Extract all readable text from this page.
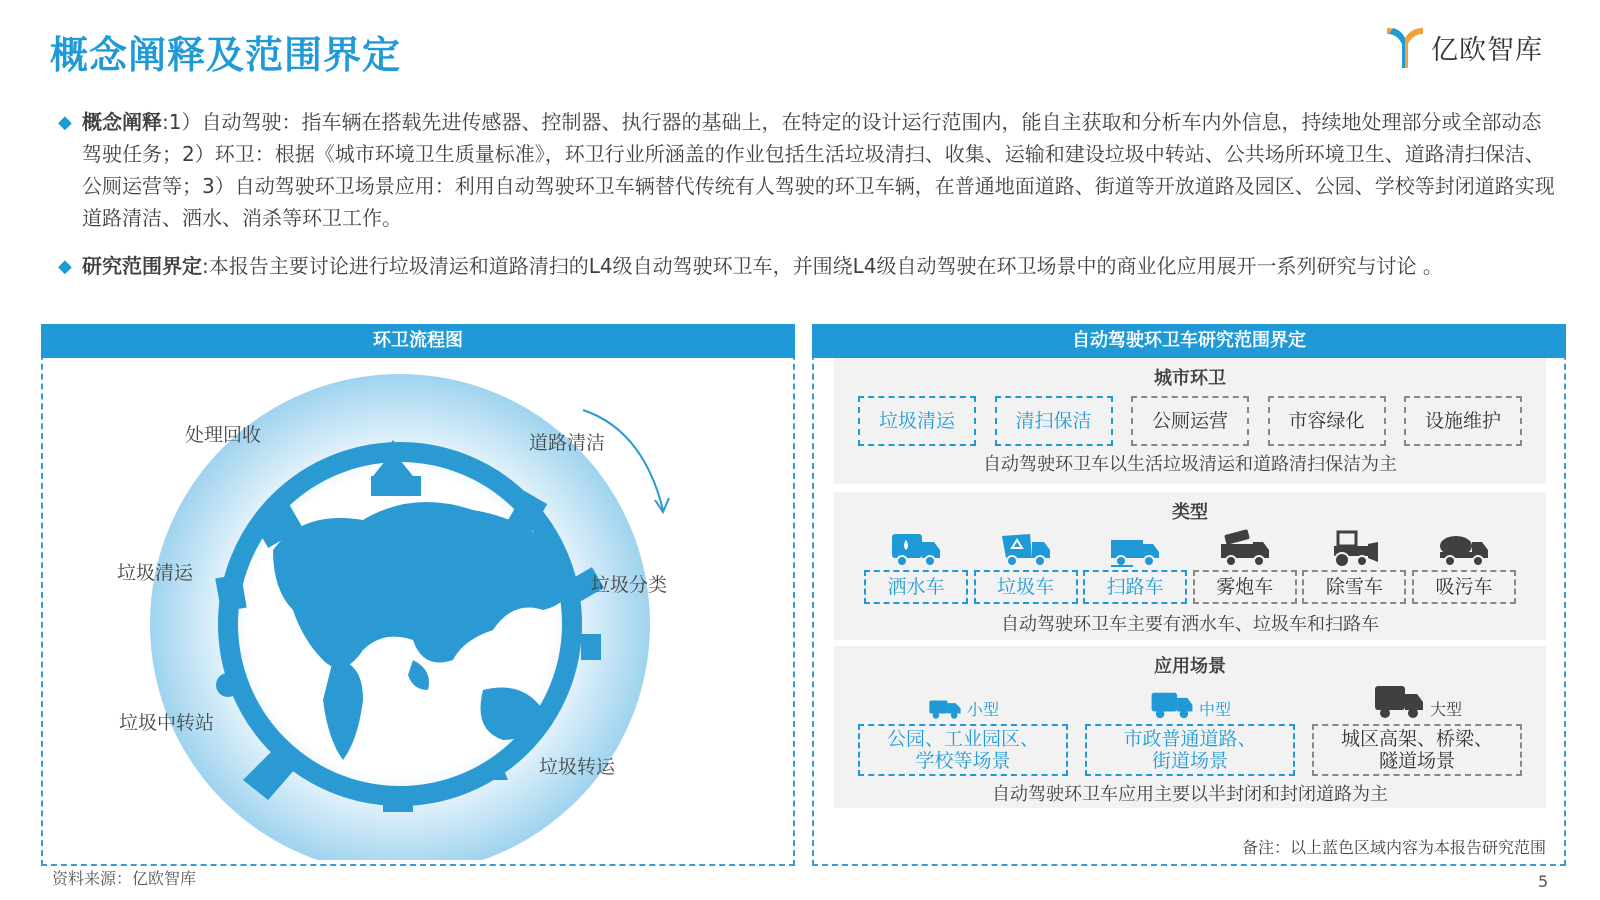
概念阐释及范围界定	亿欧智库
◆ 概念阐释:1）自动驾驶：指车辆在搭载先进传感器、控制器、执行器的基础上，在特定的设计运行范围内，能自主获取和分析车内外信息，持续地处理部分或全部动态驾驶任务；2）环卫：根据《城市环境卫生质量标准》，环卫行业所涵盖的作业包括生活垃圾清扫、收集、运输和建设垃圾中转站、公共场所环境卫生、道路清扫保洁、公厕运营等；3）自动驾驶环卫场景应用：利用自动驾驶环卫车辆替代传统有人驾驶的环卫车辆，在普通地面道路、街道等开放道路及园区、公园、学校等封闭道路实现道路清洁、洒水、消杀等环卫工作。
◆ 研究范围界定:本报告主要讨论进行垃圾清运和道路清扫的L4级自动驾驶环卫车，并围绕L4级自动驾驶在环卫场景中的商业化应用展开一系列研究与讨论 。
环卫流程图
处理回收	道路清洁
垃圾清运
垃圾分类
垃圾中转站
垃圾转运
自动驾驶环卫车研究范围界定
城市环卫
垃圾清运	清扫保洁	公厕运营	市容绿化	设施维护
自动驾驶环卫车以生活垃圾清运和道路清扫保洁为主
类型
洒水车	垃圾车	扫路车	雾炮车	除雪车	吸污车
自动驾驶环卫车主要有洒水车、垃圾车和扫路车
应用场景
小型
公园、工业园区、
学校等场景
中型
市政普通道路、
街道场景
大型
城区高架、桥梁、
隧道场景
自动驾驶环卫车应用主要以半封闭和封闭道路为主
备注：以上蓝色区域内容为本报告研究范围
资料来源：亿欧智库	5
